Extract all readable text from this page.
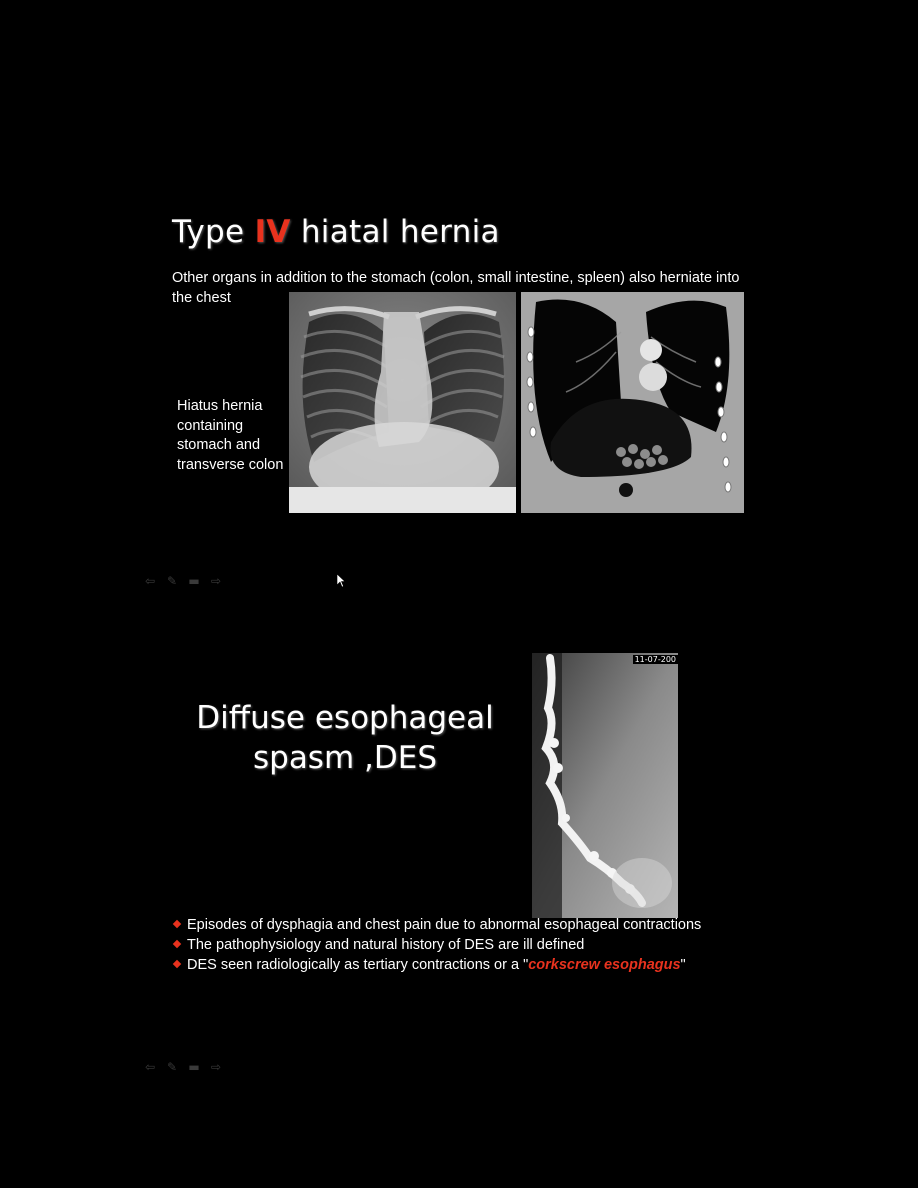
Type IV hiatal hernia

Other organs in addition to the stomach (colon, small intestine, spleen) also herniate into the chest

Hiatus hernia containing stomach and transverse colon

⇦ ✎ ▬ ⇨
Diffuse esophageal spasm ,DES
11-07-200
Episodes of dysphagia and chest pain due to abnormal esophageal contractions
The pathophysiology and natural history of DES are ill defined
DES seen radiologically as tertiary contractions or a "corkscrew esophagus"
⇦ ✎ ▬ ⇨
